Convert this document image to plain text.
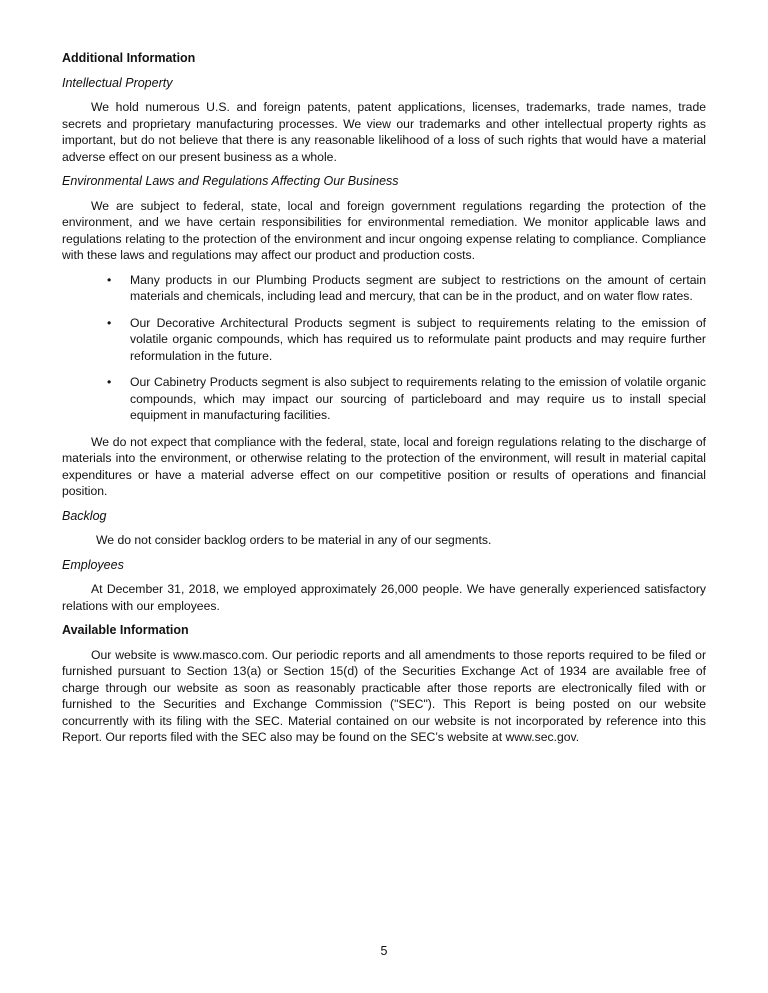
Additional Information
Intellectual Property

We hold numerous U.S. and foreign patents, patent applications, licenses, trademarks, trade names, trade secrets and proprietary manufacturing processes. We view our trademarks and other intellectual property rights as important, but do not believe that there is any reasonable likelihood of a loss of such rights that would have a material adverse effect on our present business as a whole.

Environmental Laws and Regulations Affecting Our Business

We are subject to federal, state, local and foreign government regulations regarding the protection of the environment, and we have certain responsibilities for environmental remediation. We monitor applicable laws and regulations relating to the protection of the environment and incur ongoing expense relating to compliance. Compliance with these laws and regulations may affect our product and production costs.

• Many products in our Plumbing Products segment are subject to restrictions on the amount of certain materials and chemicals, including lead and mercury, that can be in the product, and on water flow rates.
• Our Decorative Architectural Products segment is subject to requirements relating to the emission of volatile organic compounds, which has required us to reformulate paint products and may require further reformulation in the future.
• Our Cabinetry Products segment is also subject to requirements relating to the emission of volatile organic compounds, which may impact our sourcing of particleboard and may require us to install special equipment in manufacturing facilities.

We do not expect that compliance with the federal, state, local and foreign regulations relating to the discharge of materials into the environment, or otherwise relating to the protection of the environment, will result in material capital expenditures or have a material adverse effect on our competitive position or results of operations and financial position.

Backlog

We do not consider backlog orders to be material in any of our segments.

Employees

At December 31, 2018, we employed approximately 26,000 people. We have generally experienced satisfactory relations with our employees.

Available Information

Our website is www.masco.com. Our periodic reports and all amendments to those reports required to be filed or furnished pursuant to Section 13(a) or Section 15(d) of the Securities Exchange Act of 1934 are available free of charge through our website as soon as reasonably practicable after those reports are electronically filed with or furnished to the Securities and Exchange Commission ("SEC"). This Report is being posted on our website concurrently with its filing with the SEC. Material contained on our website is not incorporated by reference into this Report. Our reports filed with the SEC also may be found on the SEC’s website at www.sec.gov.

5
